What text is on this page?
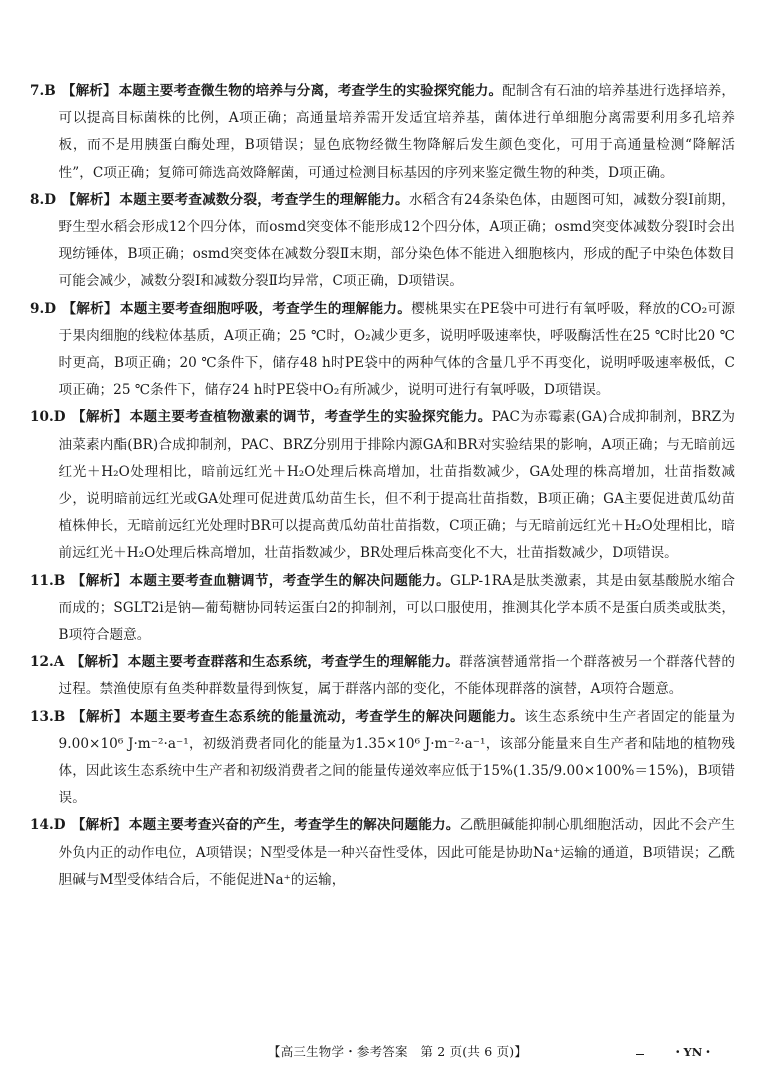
7.B 【解析】 本题主要考查微生物的培养与分离，考查学生的实验探究能力。配制含有石油的培养基进行选择培养，可以提高目标菌株的比例，A项正确；高通量培养需开发适宜培养基，菌体进行单细胞分离需要利用多孔培养板，而不是用胰蛋白酶处理，B项错误；显色底物经微生物降解后发生颜色变化，可用于高通量检测“降解活性”，C项正确；复筛可筛选高效降解菌，可通过检测目标基因的序列来鉴定微生物的种类，D项正确。

8.D 【解析】 本题主要考查减数分裂，考查学生的理解能力。水稻含有24条染色体，由题图可知，减数分裂Ⅰ前期，野生型水稻会形成12个四分体，而osmd突变体不能形成12个四分体，A项正确；osmd突变体减数分裂Ⅰ时会出现纺锤体，B项正确；osmd突变体在减数分裂Ⅱ末期，部分染色体不能进入细胞核内，形成的配子中染色体数目可能会减少，减数分裂Ⅰ和减数分裂Ⅱ均异常，C项正确，D项错误。

9.D 【解析】 本题主要考查细胞呼吸，考查学生的理解能力。樱桃果实在PE袋中可进行有氧呼吸，释放的CO₂可源于果肉细胞的线粒体基质，A项正确；25 ℃时，O₂减少更多，说明呼吸速率快，呼吸酶活性在25 ℃时比20 ℃时更高，B项正确；20 ℃条件下，储存48 h时PE袋中的两种气体的含量几乎不再变化，说明呼吸速率极低，C项正确；25 ℃条件下，储存24 h时PE袋中O₂有所减少，说明可进行有氧呼吸，D项错误。

10.D 【解析】 本题主要考查植物激素的调节，考查学生的实验探究能力。PAC为赤霉素(GA)合成抑制剂，BRZ为油菜素内酯(BR)合成抑制剂，PAC、BRZ分别用于排除内源GA和BR对实验结果的影响，A项正确；与无暗前远红光＋H₂O处理相比，暗前远红光＋H₂O处理后株高增加，壮苗指数减少，GA处理的株高增加，壮苗指数减少，说明暗前远红光或GA处理可促进黄瓜幼苗生长，但不利于提高壮苗指数，B项正确；GA主要促进黄瓜幼苗植株伸长，无暗前远红光处理时BR可以提高黄瓜幼苗壮苗指数，C项正确；与无暗前远红光＋H₂O处理相比，暗前远红光＋H₂O处理后株高增加，壮苗指数减少，BR处理后株高变化不大，壮苗指数减少，D项错误。

11.B 【解析】 本题主要考查血糖调节，考查学生的解决问题能力。GLP-1RA是肽类激素，其是由氨基酸脱水缩合而成的；SGLT2i是钠—葡萄糖协同转运蛋白2的抑制剂，可以口服使用，推测其化学本质不是蛋白质类或肽类，B项符合题意。

12.A 【解析】 本题主要考查群落和生态系统，考查学生的理解能力。群落演替通常指一个群落被另一个群落代替的过程。禁渔使原有鱼类种群数量得到恢复，属于群落内部的变化，不能体现群落的演替，A项符合题意。

13.B 【解析】 本题主要考查生态系统的能量流动，考查学生的解决问题能力。该生态系统中生产者固定的能量为9.00×10⁶ J·m⁻²·a⁻¹，初级消费者同化的能量为1.35×10⁶ J·m⁻²·a⁻¹，该部分能量来自生产者和陆地的植物残体，因此该生态系统中生产者和初级消费者之间的能量传递效率应低于15%(1.35/9.00×100%＝15%)，B项错误。

14.D 【解析】 本题主要考查兴奋的产生，考查学生的解决问题能力。乙酰胆碱能抑制心肌细胞活动，因此不会产生外负内正的动作电位，A项错误；N型受体是一种兴奋性受体，因此可能是协助Na⁺运输的通道，B项错误；乙酰胆碱与M型受体结合后，不能促进Na⁺的运输，

【高三生物学・参考答案　第 2 页(共 6 页)】	・YN・
